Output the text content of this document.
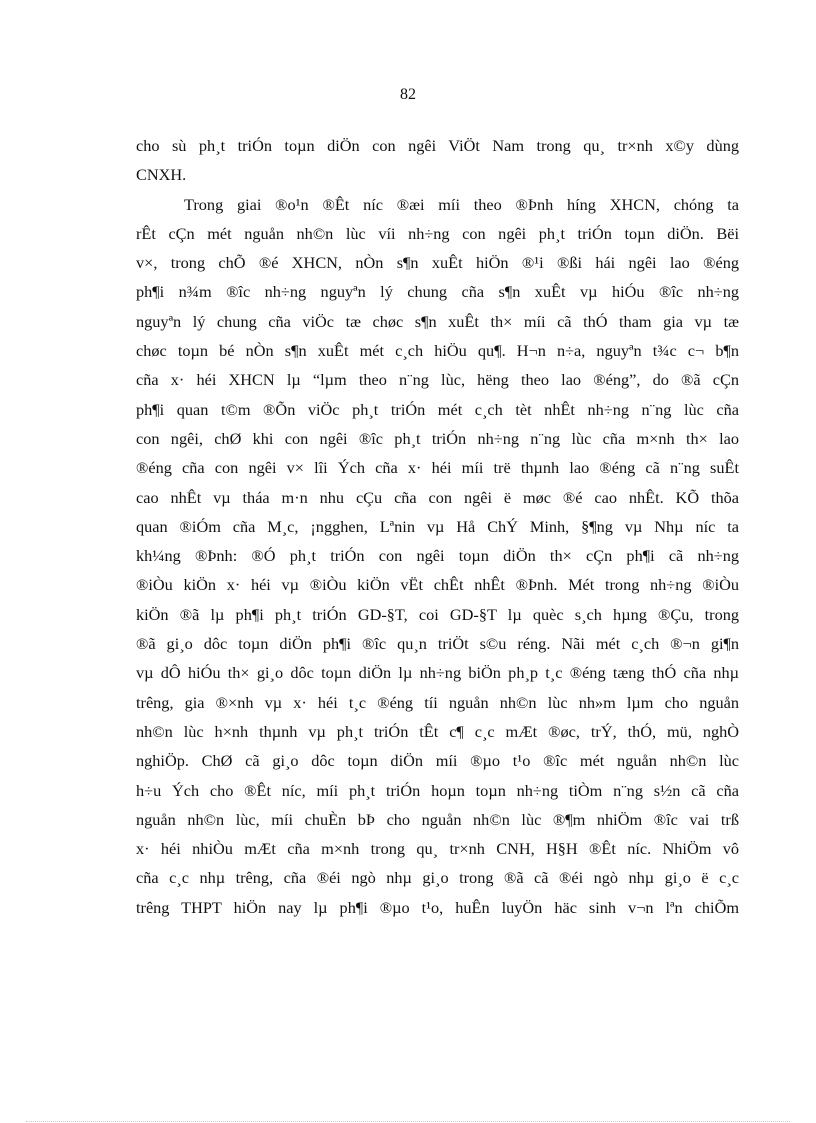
82
cho sù ph¸t triÓn toµn diÖn con ngêi ViÖt Nam trong qu¸ tr×nh x©y dùng
CNXH.
Trong giai ®o¹n ®Êt níc ®æi míi theo ®Þnh híng XHCN, chóng ta
rÊt cÇn mét nguån nh©n lùc víi nh÷ng con ngêi ph¸t triÓn toµn diÖn. Bëi
v×, trong chÕ ®é XHCN, nÒn s¶n xuÊt hiÖn ®¹i ®ßi hái ngêi lao ®éng
ph¶i n¾m ®îc nh÷ng nguyªn lý chung cña s¶n xuÊt vµ hiÓu ®îc nh÷ng
nguyªn lý chung cña viÖc tæ chøc s¶n xuÊt th× míi cã thÓ tham gia vµ tæ
chøc toµn bé nÒn s¶n xuÊt mét c¸ch hiÖu qu¶. H¬n n÷a, nguyªn t¾c c¬ b¶n
cña x· héi XHCN lµ “lµm theo n¨ng lùc, hëng theo lao ®éng”, do ®ã cÇn
ph¶i quan t©m ®Õn viÖc ph¸t triÓn mét c¸ch tèt nhÊt nh÷ng n¨ng lùc cña
con ngêi, chØ khi con ngêi ®îc ph¸t triÓn nh÷ng n¨ng lùc cña m×nh th× lao
®éng cña con ngêi v× lîi Ých cña x· héi míi trë thµnh lao ®éng cã n¨ng suÊt
cao nhÊt vµ tháa m·n nhu cÇu cña con ngêi ë møc ®é cao nhÊt. KÕ thõa
quan ®iÓm cña M¸c, ¡ngghen, Lªnin vµ Hå ChÝ Minh, §¶ng vµ Nhµ níc ta
kh¼ng ®Þnh: ®Ó ph¸t triÓn con ngêi toµn diÖn th× cÇn ph¶i cã nh÷ng
®iÒu kiÖn x· héi vµ ®iÒu kiÖn vËt chÊt nhÊt ®Þnh. Mét trong nh÷ng ®iÒu
kiÖn ®ã lµ ph¶i ph¸t triÓn GD-§T, coi GD-§T lµ quèc s¸ch hµng ®Çu, trong
®ã gi¸o dôc toµn diÖn ph¶i ®îc qu¸n triÖt s©u réng. Nãi mét c¸ch ®¬n gi¶n
vµ dÔ hiÓu th× gi¸o dôc toµn diÖn lµ nh÷ng biÖn ph¸p t¸c ®éng tæng thÓ cña nhµ
trêng, gia ®×nh vµ x· héi t¸c ®éng tíi nguån nh©n lùc nh»m lµm cho nguån
nh©n lùc h×nh thµnh vµ ph¸t triÓn tÊt c¶ c¸c mÆt ®øc, trÝ, thÓ, mü, nghÒ
nghiÖp. ChØ cã gi¸o dôc toµn diÖn míi ®µo t¹o ®îc mét nguån nh©n lùc
h÷u Ých cho ®Êt níc, míi ph¸t triÓn hoµn toµn nh÷ng tiÒm n¨ng s½n cã cña
nguån nh©n lùc, míi chuÈn bÞ cho nguån nh©n lùc ®¶m nhiÖm ®îc vai trß
x· héi nhiÒu mÆt cña m×nh trong qu¸ tr×nh CNH, H§H ®Êt níc. NhiÖm vô
cña c¸c nhµ trêng, cña ®éi ngò nhµ gi¸o trong ®ã cã ®éi ngò nhµ gi¸o ë c¸c
trêng THPT hiÖn nay lµ ph¶i ®µo t¹o, huÊn luyÖn häc sinh v¬n lªn chiÕm
